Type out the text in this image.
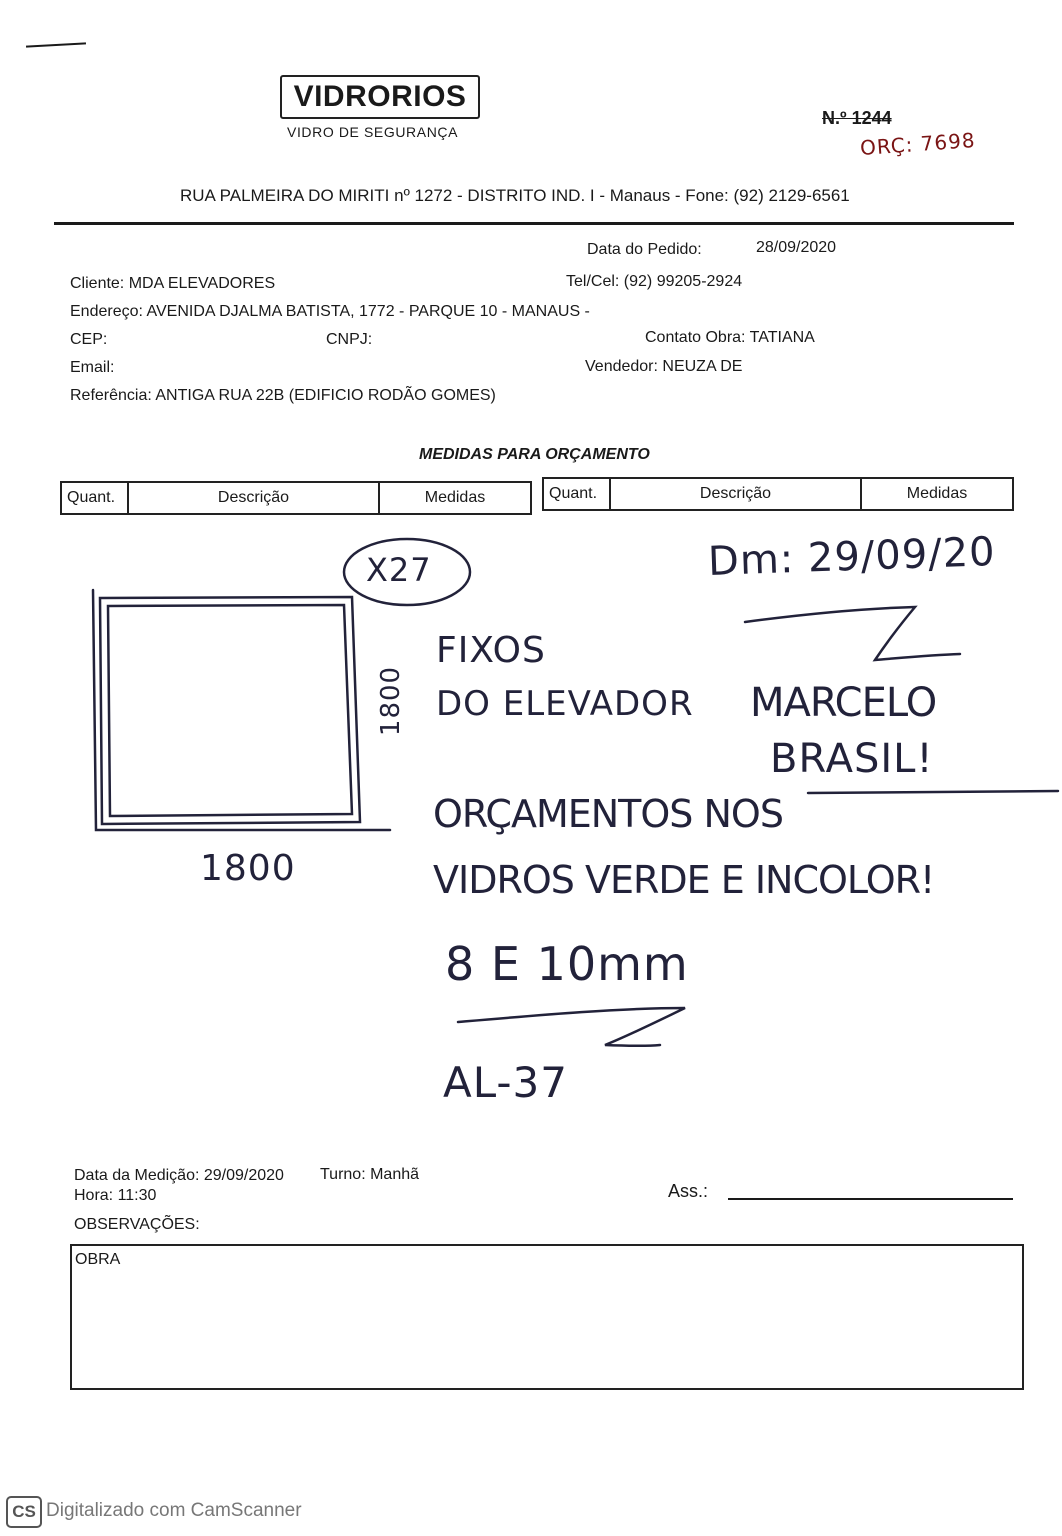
VIDRORIOS
VIDRO DE SEGURANÇA
N.º 1244
ORÇ: 7698
RUA PALMEIRA DO MIRITI nº 1272 - DISTRITO IND. I - Manaus - Fone: (92) 2129-6561
Data do Pedido:	28/09/2020
Cliente: MDA ELEVADORES	Tel/Cel: (92) 99205-2924
Endereço: AVENIDA DJALMA BATISTA, 1772 - PARQUE 10 - MANAUS -
CEP:	CNPJ:	Contato Obra: TATIANA
Email:	Vendedor: NEUZA DE
Referência: ANTIGA RUA 22B (EDIFICIO RODÃO GOMES)
MEDIDAS PARA ORÇAMENTO
Quant.	Descrição	Medidas	Quant.	Descrição	Medidas
X27	Dm: 29/09/20
1800
1800
FIXOS
DO ELEVADOR MARCELO
BRASIL!
ORÇAMENTOS NOS
VIDROS VERDE E INCOLOR!
8 E 10mm
AL-37
Data da Medição: 29/09/2020 Turno: Manhã
Hora: 11:30	Ass.:
OBSERVAÇÕES:
OBRA
CS Digitalizado com CamScanner
